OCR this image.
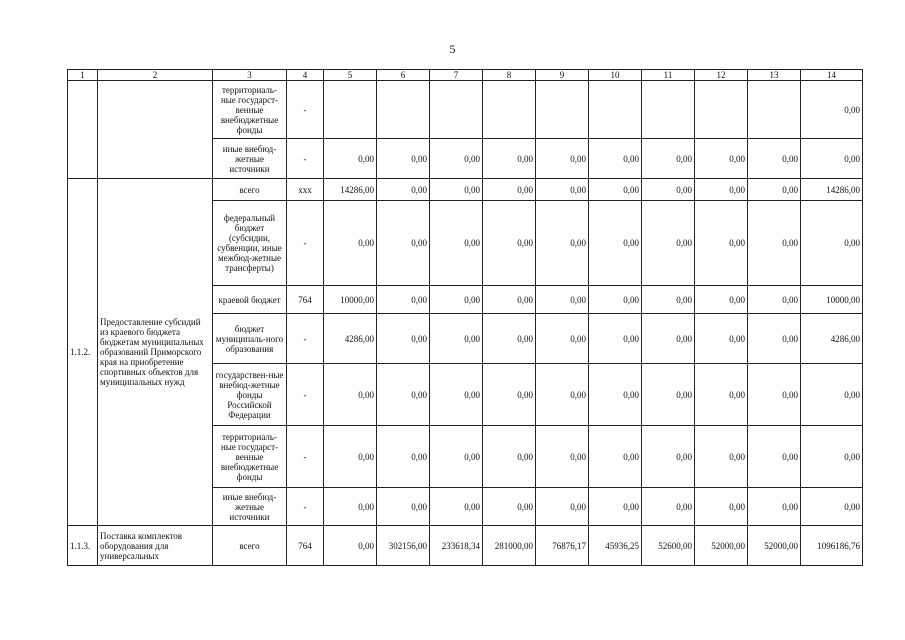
5
1	2	3	4	5	6	7	8	9	10	11	12	13	14
		территориаль-ные государст-венные внебюджетные фонды	-										0,00
		иные внебюд-жетные источники	-	0,00	0,00	0,00	0,00	0,00	0,00	0,00	0,00	0,00	0,00
1.1.2.	Предоставление субсидий из краевого бюджета бюджетам муниципальных образований Приморского края на приобретение спортивных объектов для муниципальных нужд	всего	ххх	14286,00	0,00	0,00	0,00	0,00	0,00	0,00	0,00	0,00	14286,00
		федеральный бюджет (субсидии, субвенции, иные межбюд-жетные трансферты)	-	0,00	0,00	0,00	0,00	0,00	0,00	0,00	0,00	0,00	0,00
		краевой бюджет	764	10000,00	0,00	0,00	0,00	0,00	0,00	0,00	0,00	0,00	10000,00
		бюджет муниципаль-ного образования	-	4286,00	0,00	0,00	0,00	0,00	0,00	0,00	0,00	0,00	4286,00
		государствен-ные внебюд-жетные фонды Российской Федерации	-	0,00	0,00	0,00	0,00	0,00	0,00	0,00	0,00	0,00	0,00
		территориаль-ные государст-венные внебюджетные фонды	-	0,00	0,00	0,00	0,00	0,00	0,00	0,00	0,00	0,00	0,00
		иные внебюд-жетные источники	-	0,00	0,00	0,00	0,00	0,00	0,00	0,00	0,00	0,00	0,00
1.1.3.	Поставка комплектов оборудования для универсальных	всего	764	0,00	302156,00	233618,34	281000,00	76876,17	45936,25	52600,00	52000,00	52000,00	1096186,76
